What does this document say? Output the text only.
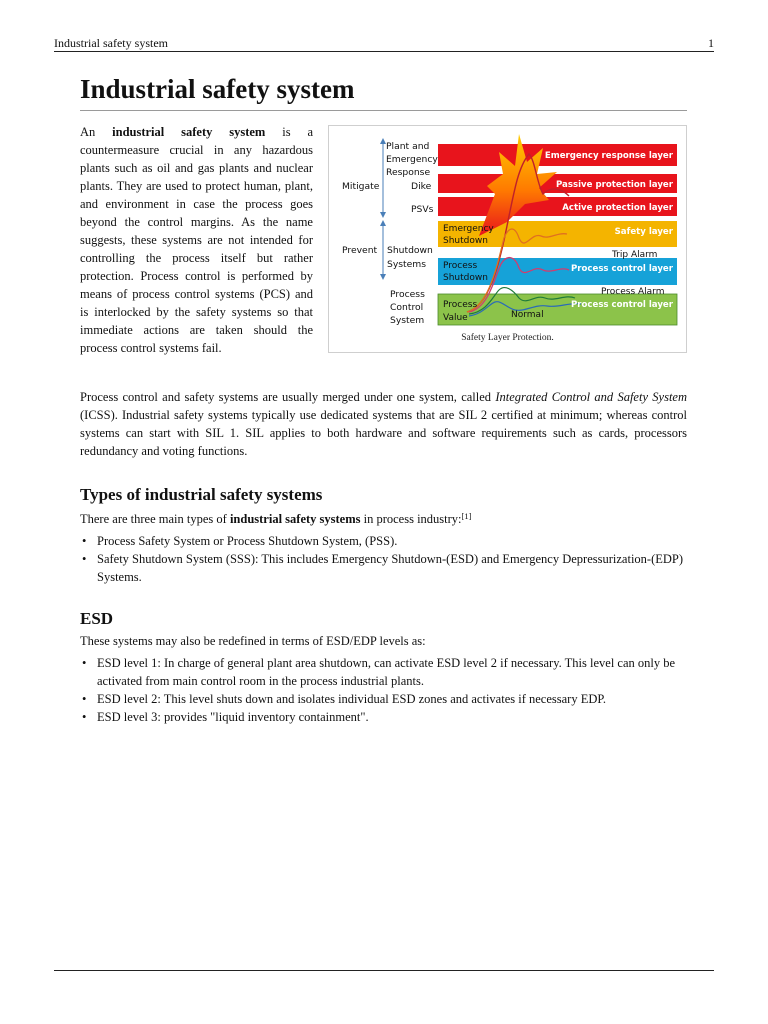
Industrial safety system	1
Industrial safety system

An industrial safety system is a countermeasure crucial in any hazardous plants such as oil and gas plants and nuclear plants. They are used to protect human, plant, and environment in case the process goes beyond the control margins. As the name suggests, these systems are not intended for controlling the process itself but rather protection. Process control is performed by means of process control systems (PCS) and is interlocked by the safety systems so that immediate actions are taken should the process control systems fail.

Plant and
Emergency
Response
Mitigate	Dike
PSVs
Prevent Shutdown
Systems
Process
Control
System
Emergency
Shutdown
Process
Shutdown
Process
Value	Normal
Trip Alarm
Process Alarm
Emergency response layer
Passive protection layer
Active protection layer
Safety layer
Process control layer
Process control layer
Safety Layer Protection.

Process control and safety systems are usually merged under one system, called Integrated Control and Safety System (ICSS). Industrial safety systems typically use dedicated systems that are SIL 2 certified at minimum; whereas control systems can start with SIL 1. SIL applies to both hardware and software requirements such as cards, processors redundancy and voting functions.

Types of industrial safety systems

There are three main types of industrial safety systems in process industry:[1]

• Process Safety System or Process Shutdown System, (PSS).
• Safety Shutdown System (SSS): This includes Emergency Shutdown-(ESD) and Emergency Depressurization-(EDP) Systems.
ESD

These systems may also be redefined in terms of ESD/EDP levels as:

• ESD level 1: In charge of general plant area shutdown, can activate ESD level 2 if necessary. This level can only be activated from main control room in the process industrial plants.
• ESD level 2: This level shuts down and isolates individual ESD zones and activates if necessary EDP.
• ESD level 3: provides "liquid inventory containment".
